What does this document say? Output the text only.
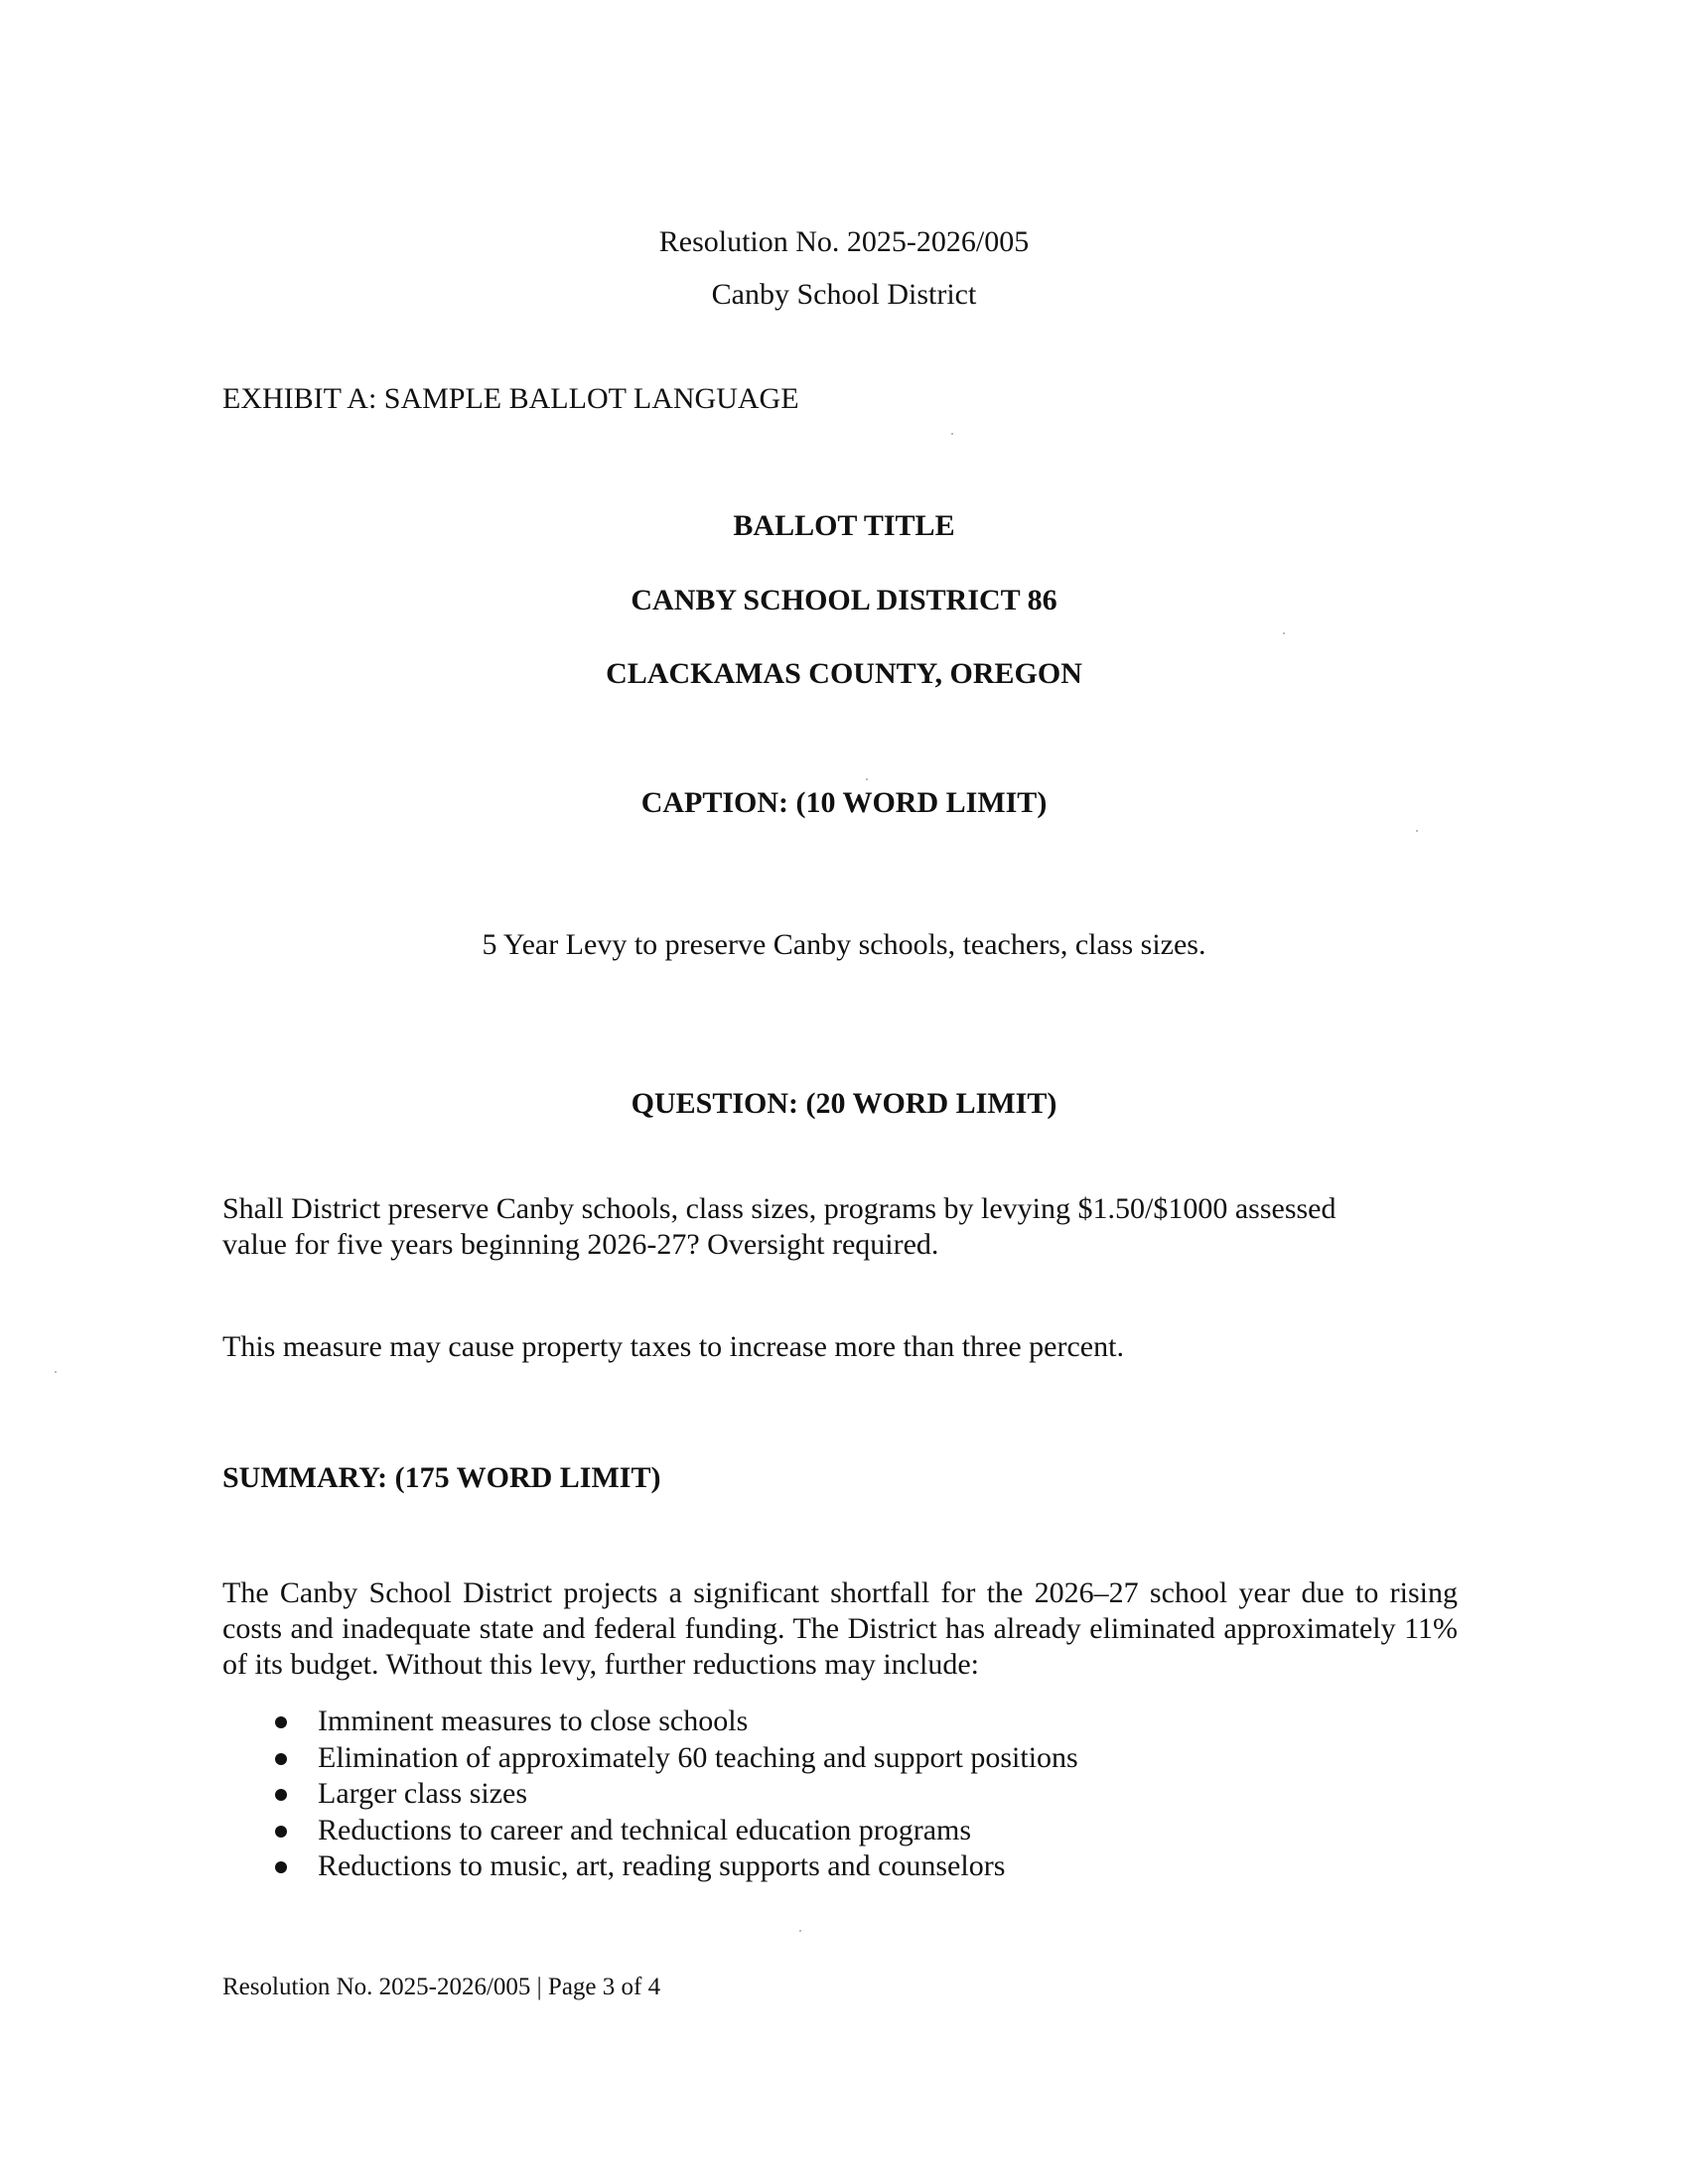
Resolution No. 2025-2026/005
Canby School District
EXHIBIT A: SAMPLE BALLOT LANGUAGE
BALLOT TITLE
CANBY SCHOOL DISTRICT 86
CLACKAMAS COUNTY, OREGON
CAPTION: (10 WORD LIMIT)
5 Year Levy to preserve Canby schools, teachers, class sizes.
QUESTION: (20 WORD LIMIT)
Shall District preserve Canby schools, class sizes, programs by levying $1.50/$1000 assessed
value for five years beginning 2026-27? Oversight required.
This measure may cause property taxes to increase more than three percent.
SUMMARY: (175 WORD LIMIT)
The Canby School District projects a significant shortfall for the 2026–27 school year due to rising costs and inadequate state and federal funding. The District has already eliminated approximately 11% of its budget. Without this levy, further reductions may include:
Imminent measures to close schools
Elimination of approximately 60 teaching and support positions
Larger class sizes
Reductions to career and technical education programs
Reductions to music, art, reading supports and counselors
Resolution No. 2025-2026/005 | Page 3 of 4
